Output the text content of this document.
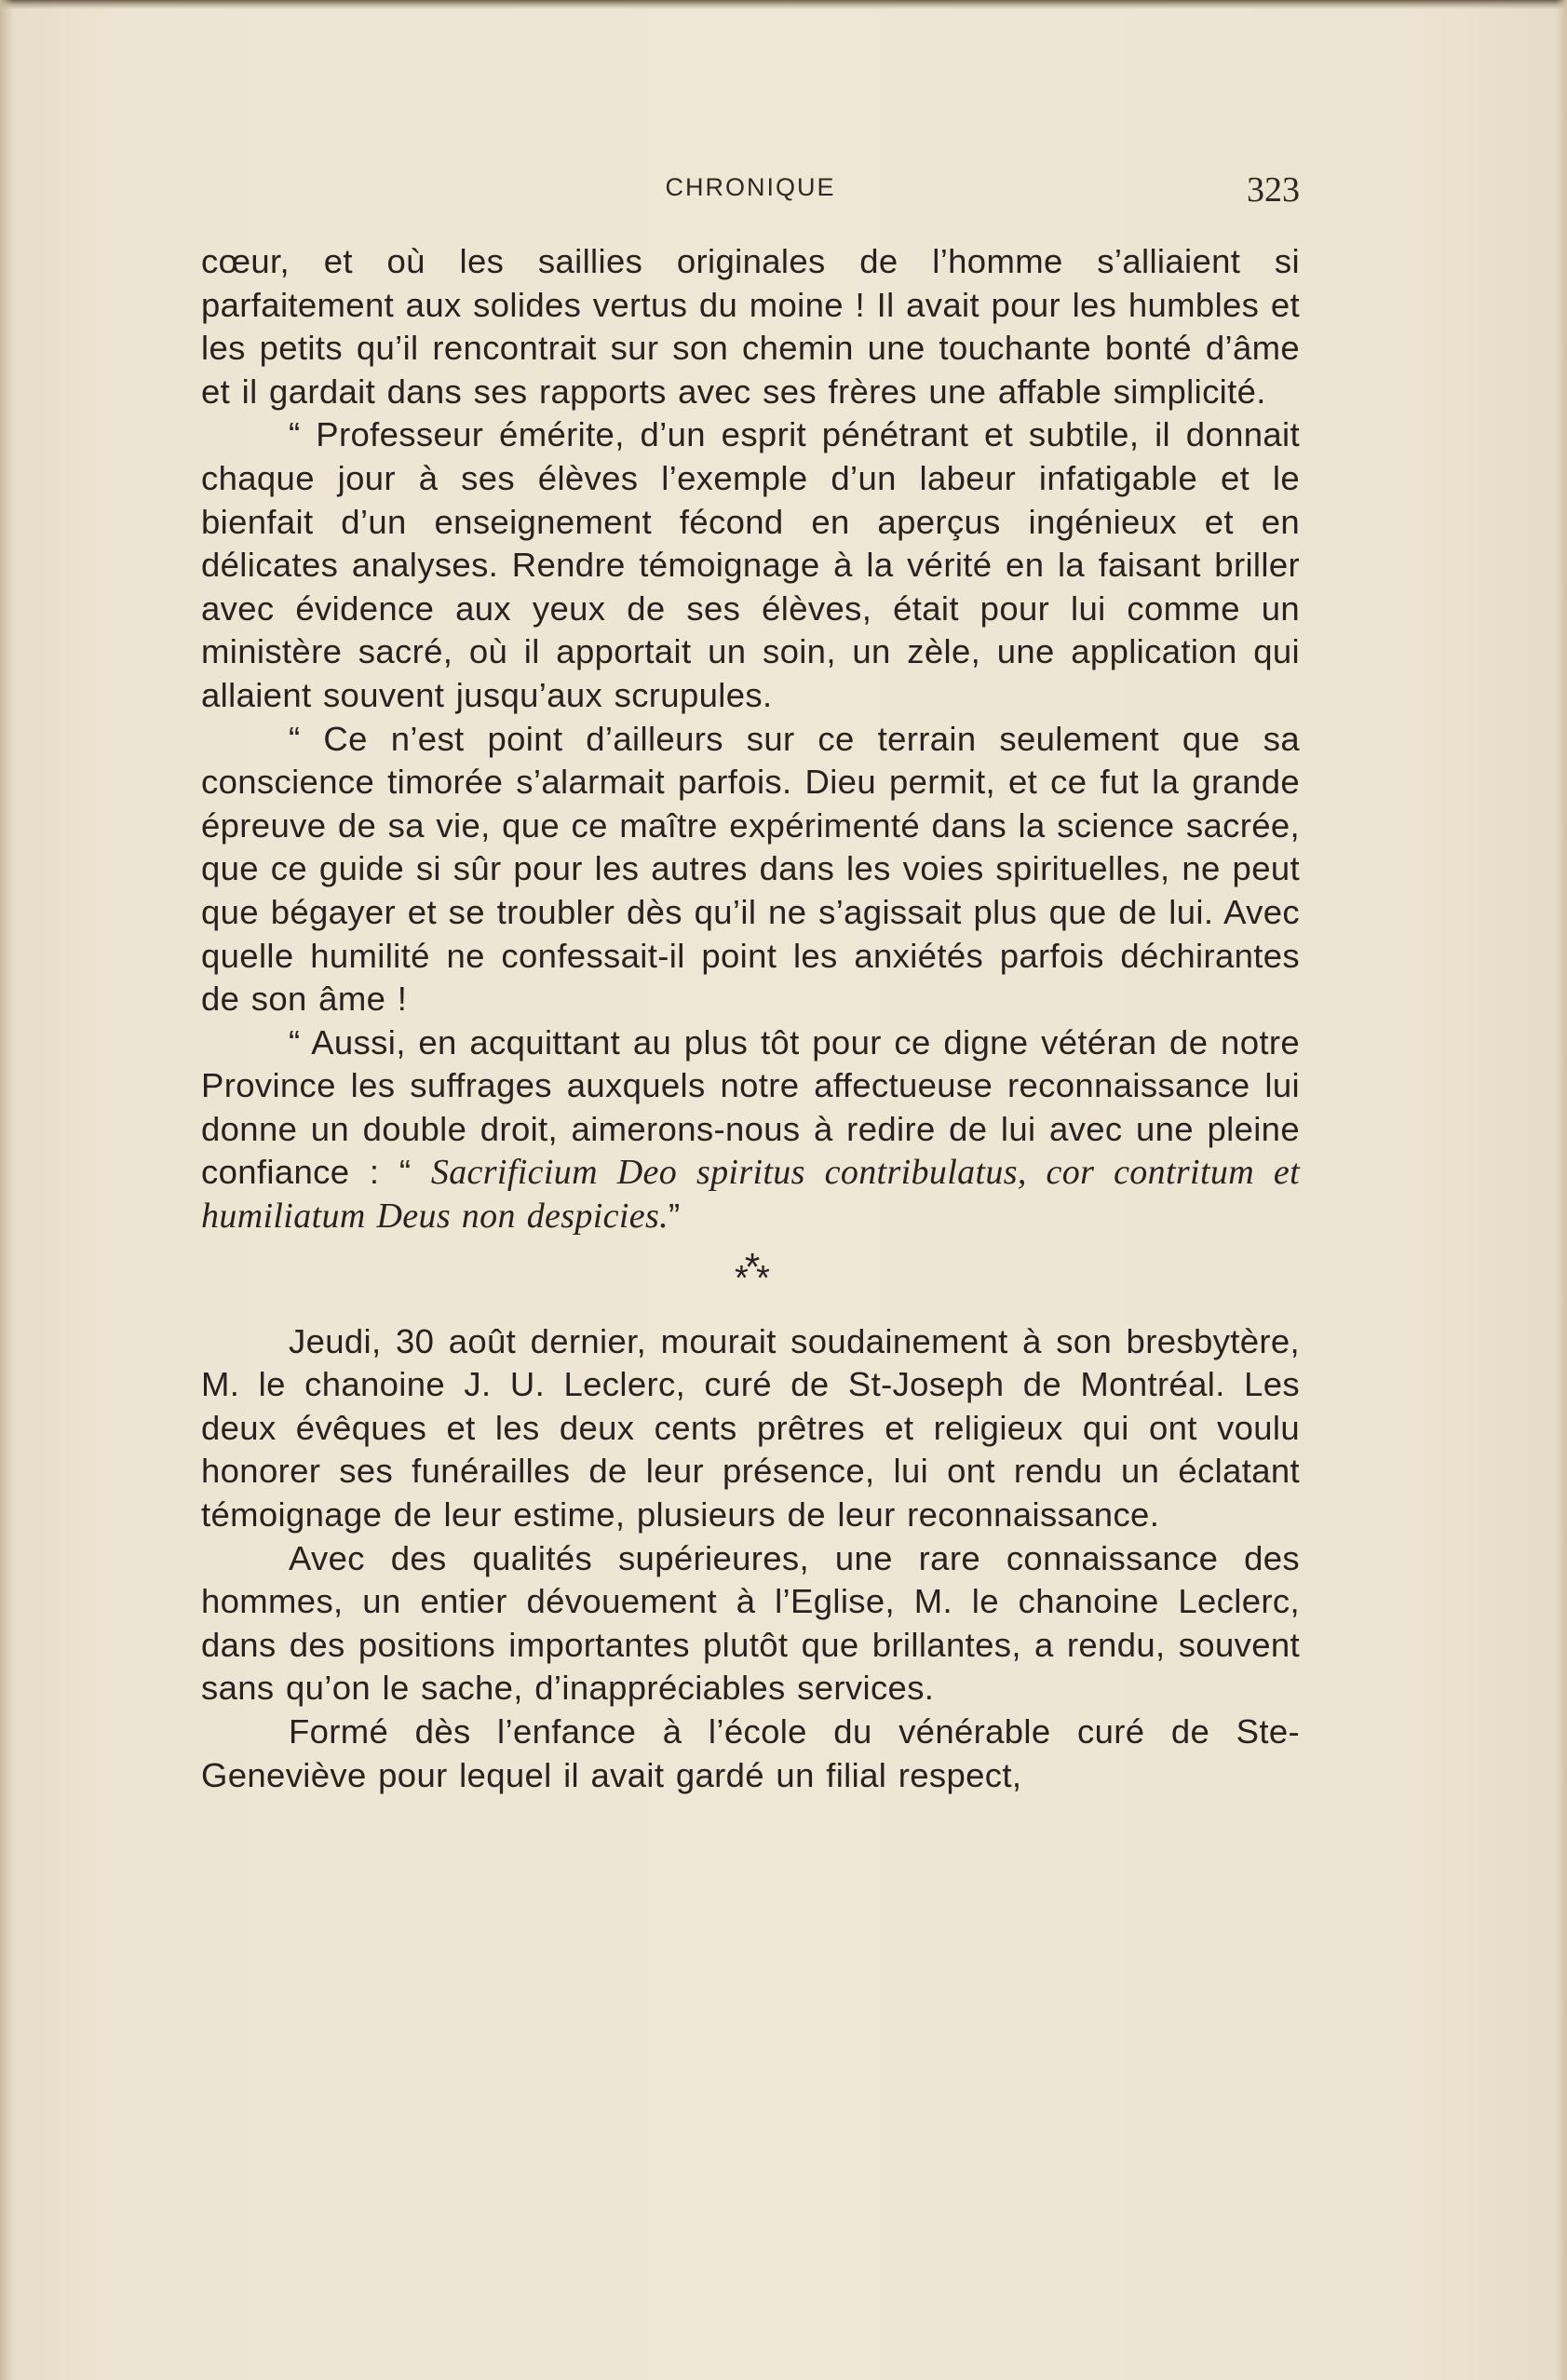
CHRONIQUE	323

cœur, et où les saillies originales de l’homme s’alliaient si parfaitement aux solides vertus du moine ! Il avait pour les humbles et les petits qu’il rencontrait sur son chemin une touchante bonté d’âme et il gardait dans ses rapports avec ses frères une affable simplicité.

“ Professeur émérite, d’un esprit pénétrant et subtile, il donnait chaque jour à ses élèves l’exemple d’un labeur infatigable et le bienfait d’un enseignement fécond en aperçus ingénieux et en délicates analyses. Rendre témoignage à la vérité en la faisant briller avec évidence aux yeux de ses élèves, était pour lui comme un ministère sacré, où il apportait un soin, un zèle, une application qui allaient souvent jusqu’aux scrupules.

“ Ce n’est point d’ailleurs sur ce terrain seulement que sa conscience timorée s’alarmait parfois. Dieu permit, et ce fut la grande épreuve de sa vie, que ce maître expérimenté dans la science sacrée, que ce guide si sûr pour les autres dans les voies spirituelles, ne peut que bégayer et se troubler dès qu’il ne s’agissait plus que de lui. Avec quelle humilité ne confessait-il point les anxiétés parfois déchirantes de son âme !

“ Aussi, en acquittant au plus tôt pour ce digne vétéran de notre Province les suffrages auxquels notre affectueuse reconnaissance lui donne un double droit, aimerons-nous à redire de lui avec une pleine confiance : “ Sacrificium Deo spiritus contribulatus, cor contritum et humiliatum Deus non despicies.”

***

Jeudi, 30 août dernier, mourait soudainement à son bresbytère, M. le chanoine J. U. Leclerc, curé de St-Joseph de Montréal. Les deux évêques et les deux cents prêtres et religieux qui ont voulu honorer ses funérailles de leur présence, lui ont rendu un éclatant témoignage de leur estime, plusieurs de leur reconnaissance.

Avec des qualités supérieures, une rare connaissance des hommes, un entier dévouement à l’Eglise, M. le chanoine Leclerc, dans des positions importantes plutôt que brillantes, a rendu, souvent sans qu’on le sache, d’inappréciables services.

Formé dès l’enfance à l’école du vénérable curé de Ste-Geneviève pour lequel il avait gardé un filial respect,
